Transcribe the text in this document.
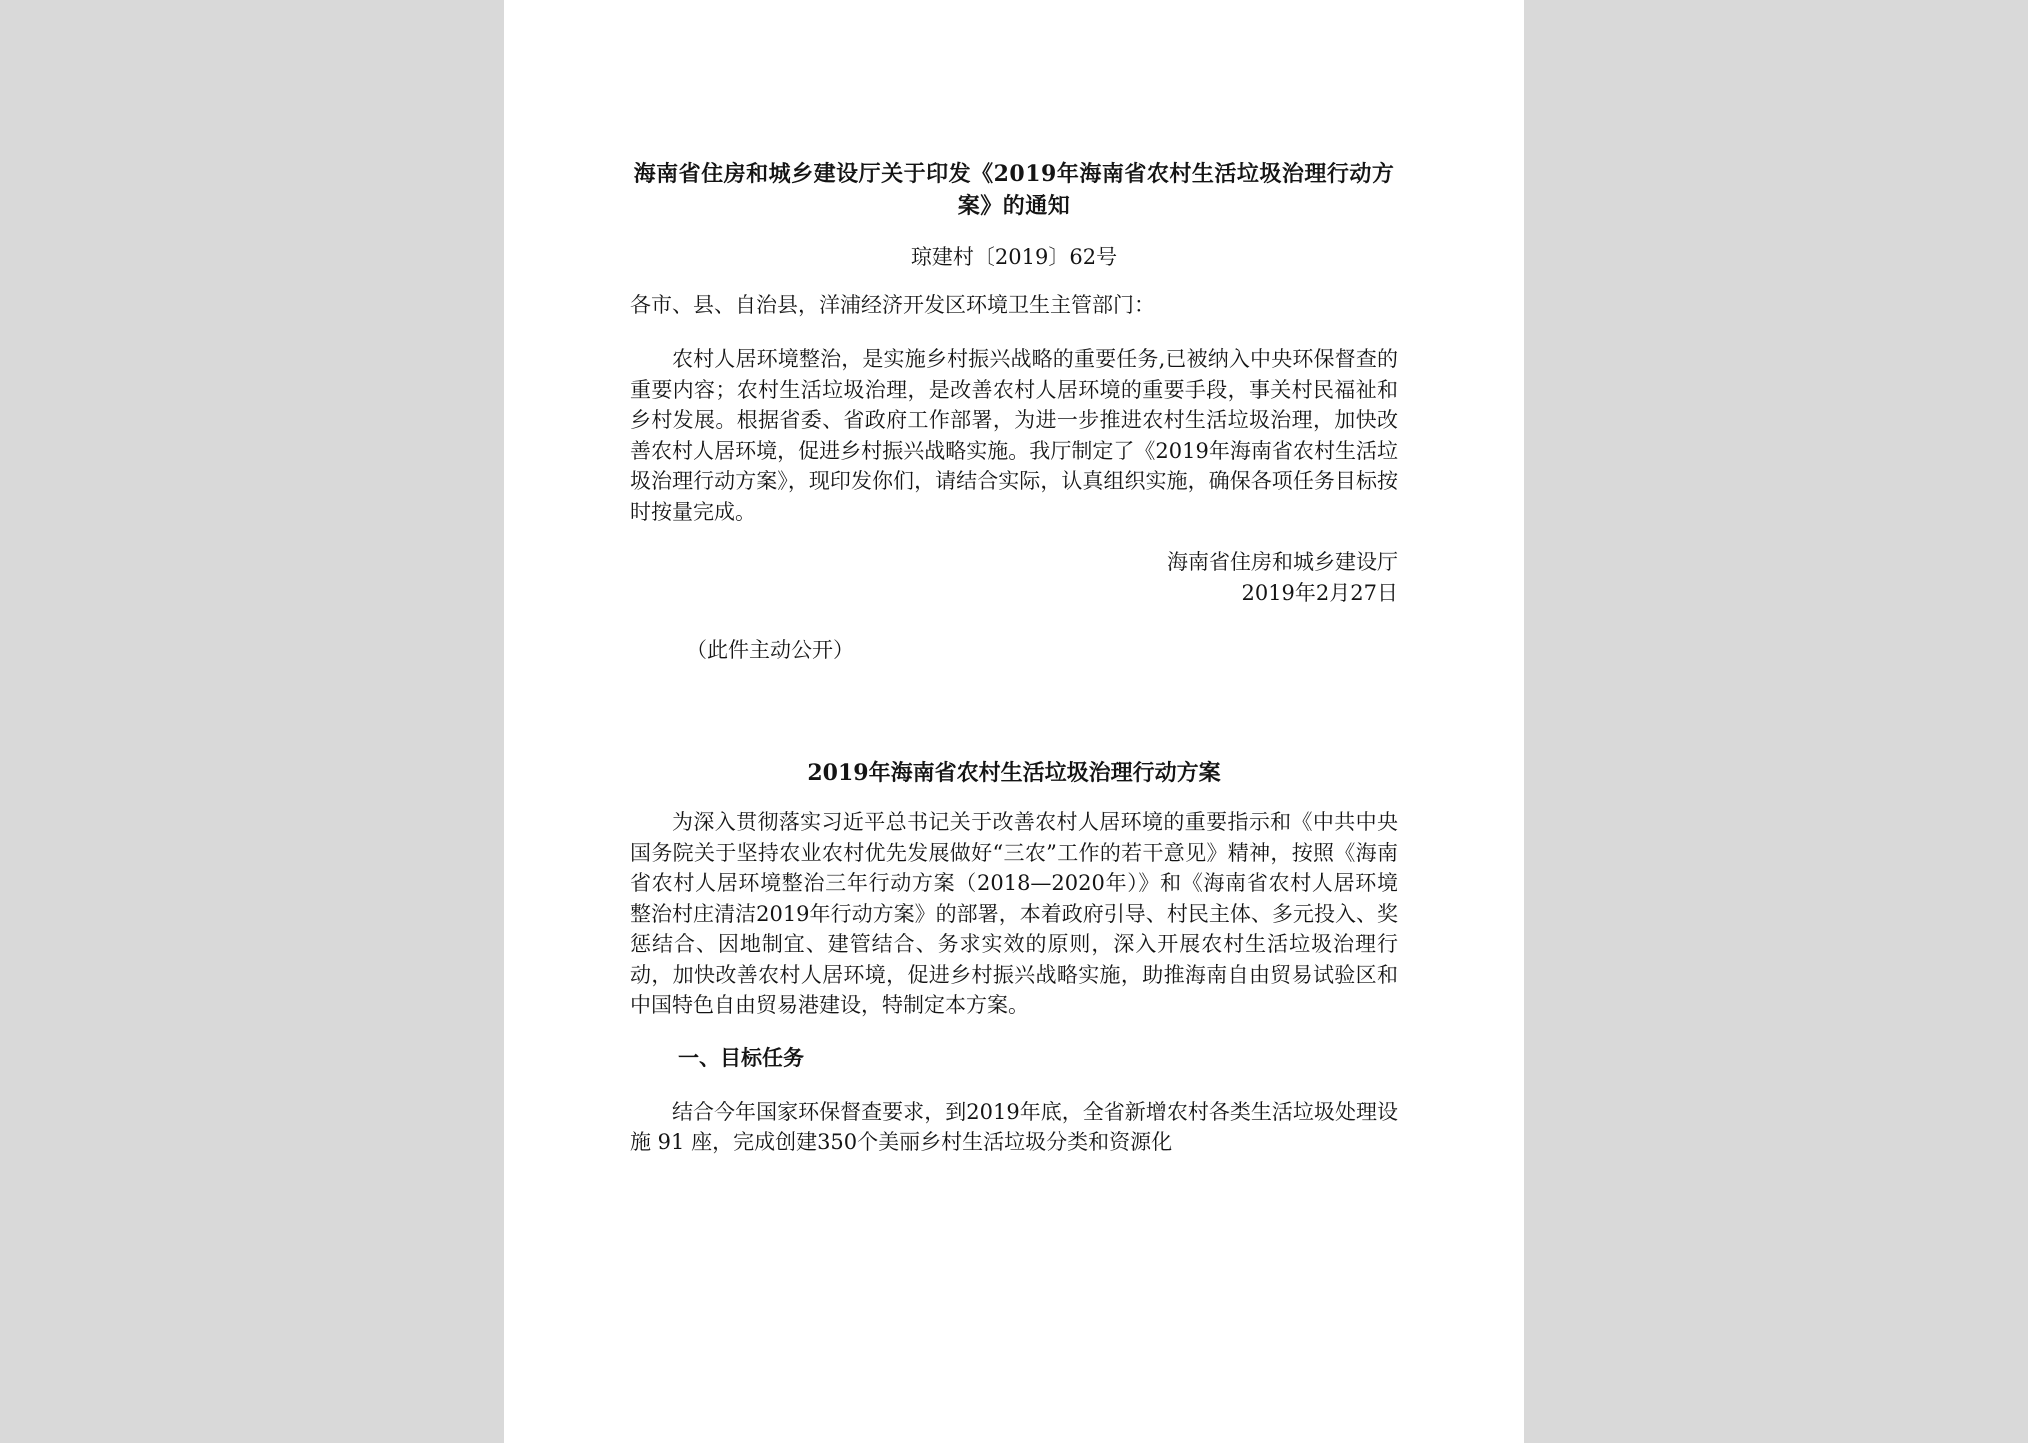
海南省住房和城乡建设厅关于印发《2019年海南省农村生活垃圾治理行动方案》的通知
琼建村〔2019〕62号
各市、县、自治县，洋浦经济开发区环境卫生主管部门：

农村人居环境整治，是实施乡村振兴战略的重要任务,已被纳入中央环保督查的重要内容；农村生活垃圾治理，是改善农村人居环境的重要手段，事关村民福祉和乡村发展。根据省委、省政府工作部署，为进一步推进农村生活垃圾治理，加快改善农村人居环境，促进乡村振兴战略实施。我厅制定了《2019年海南省农村生活垃圾治理行动方案》，现印发你们，请结合实际，认真组织实施，确保各项任务目标按时按量完成。

海南省住房和城乡建设厅
2019年2月27日
（此件主动公开）
2019年海南省农村生活垃圾治理行动方案

为深入贯彻落实习近平总书记关于改善农村人居环境的重要指示和《中共中央 国务院关于坚持农业农村优先发展做好“三农”工作的若干意见》精神，按照《海南省农村人居环境整治三年行动方案（2018—2020年）》和《海南省农村人居环境整治村庄清洁2019年行动方案》的部署，本着政府引导、村民主体、多元投入、奖惩结合、因地制宜、建管结合、务求实效的原则，深入开展农村生活垃圾治理行动，加快改善农村人居环境，促进乡村振兴战略实施，助推海南自由贸易试验区和中国特色自由贸易港建设，特制定本方案。

一、目标任务

结合今年国家环保督查要求，到2019年底，全省新增农村各类生活垃圾处理设施 91 座，完成创建350个美丽乡村生活垃圾分类和资源化
